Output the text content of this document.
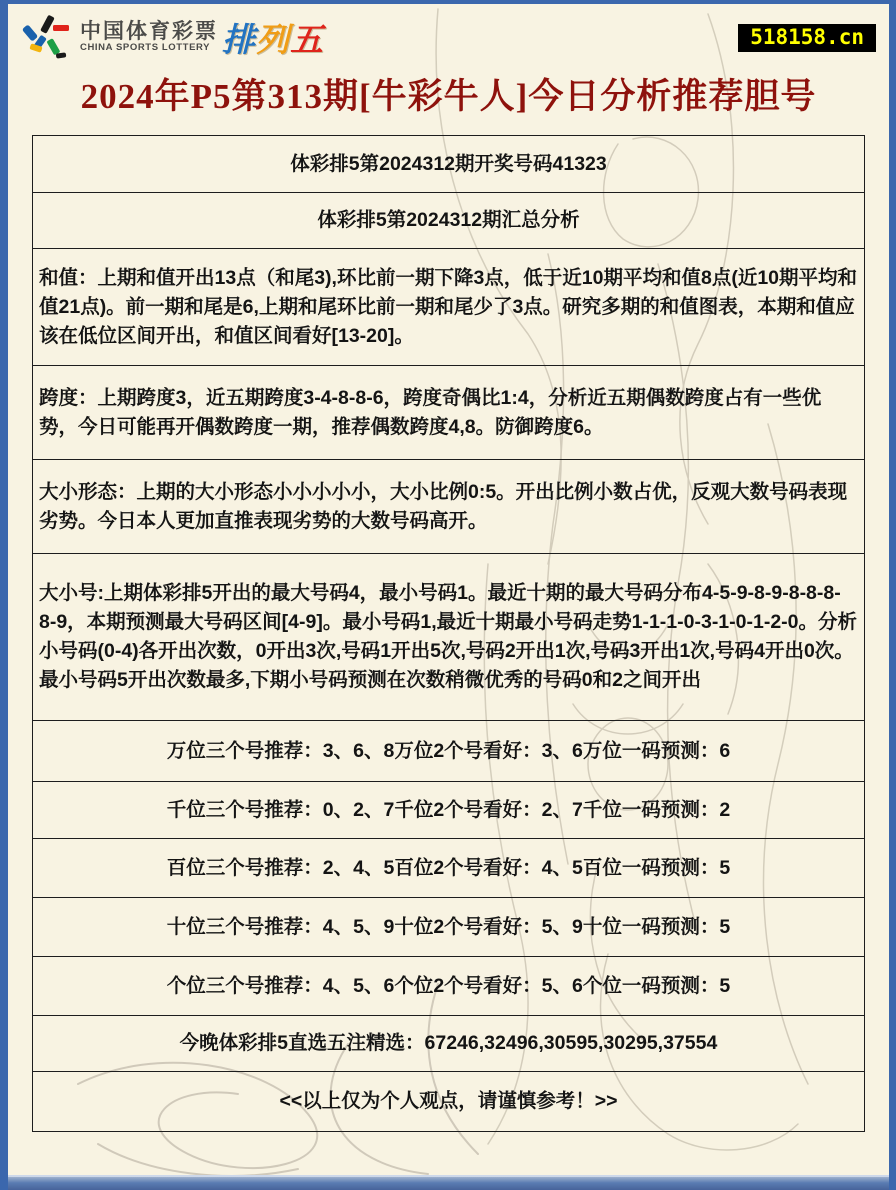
中国体育彩票
CHINA SPORTS LOTTERY 排列五	518158.cn
2024年P5第313期[牛彩牛人]今日分析推荐胆号
体彩排5第2024312期开奖号码41323
体彩排5第2024312期汇总分析
和值：上期和值开出13点（和尾3),环比前一期下降3点，低于近10期平均和值8点(近10期平均和值21点)。前一期和尾是6,上期和尾环比前一期和尾少了3点。研究多期的和值图表，本期和值应该在低位区间开出，和值区间看好[13-20]。
跨度：上期跨度3，近五期跨度3-4-8-8-6，跨度奇偶比1:4，分析近五期偶数跨度占有一些优势，今日可能再开偶数跨度一期，推荐偶数跨度4,8。防御跨度6。
大小形态：上期的大小形态小小小小小，大小比例0:5。开出比例小数占优，反观大数号码表现劣势。今日本人更加直推表现劣势的大数号码高开。
大小号:上期体彩排5开出的最大号码4，最小号码1。最近十期的最大号码分布4-5-9-8-9-8-8-8-8-9，本期预测最大号码区间[4-9]。最小号码1,最近十期最小号码走势1-1-1-0-3-1-0-1-2-0。分析小号码(0-4)各开出次数，0开出3次,号码1开出5次,号码2开出1次,号码3开出1次,号码4开出0次。最小号码5开出次数最多,下期小号码预测在次数稍微优秀的号码0和2之间开出
万位三个号推荐：3、6、8万位2个号看好：3、6万位一码预测：6
千位三个号推荐：0、2、7千位2个号看好：2、7千位一码预测：2
百位三个号推荐：2、4、5百位2个号看好：4、5百位一码预测：5
十位三个号推荐：4、5、9十位2个号看好：5、9十位一码预测：5
个位三个号推荐：4、5、6个位2个号看好：5、6个位一码预测：5
今晚体彩排5直选五注精选：67246,32496,30595,30295,37554
<<以上仅为个人观点，请谨慎参考！>>
